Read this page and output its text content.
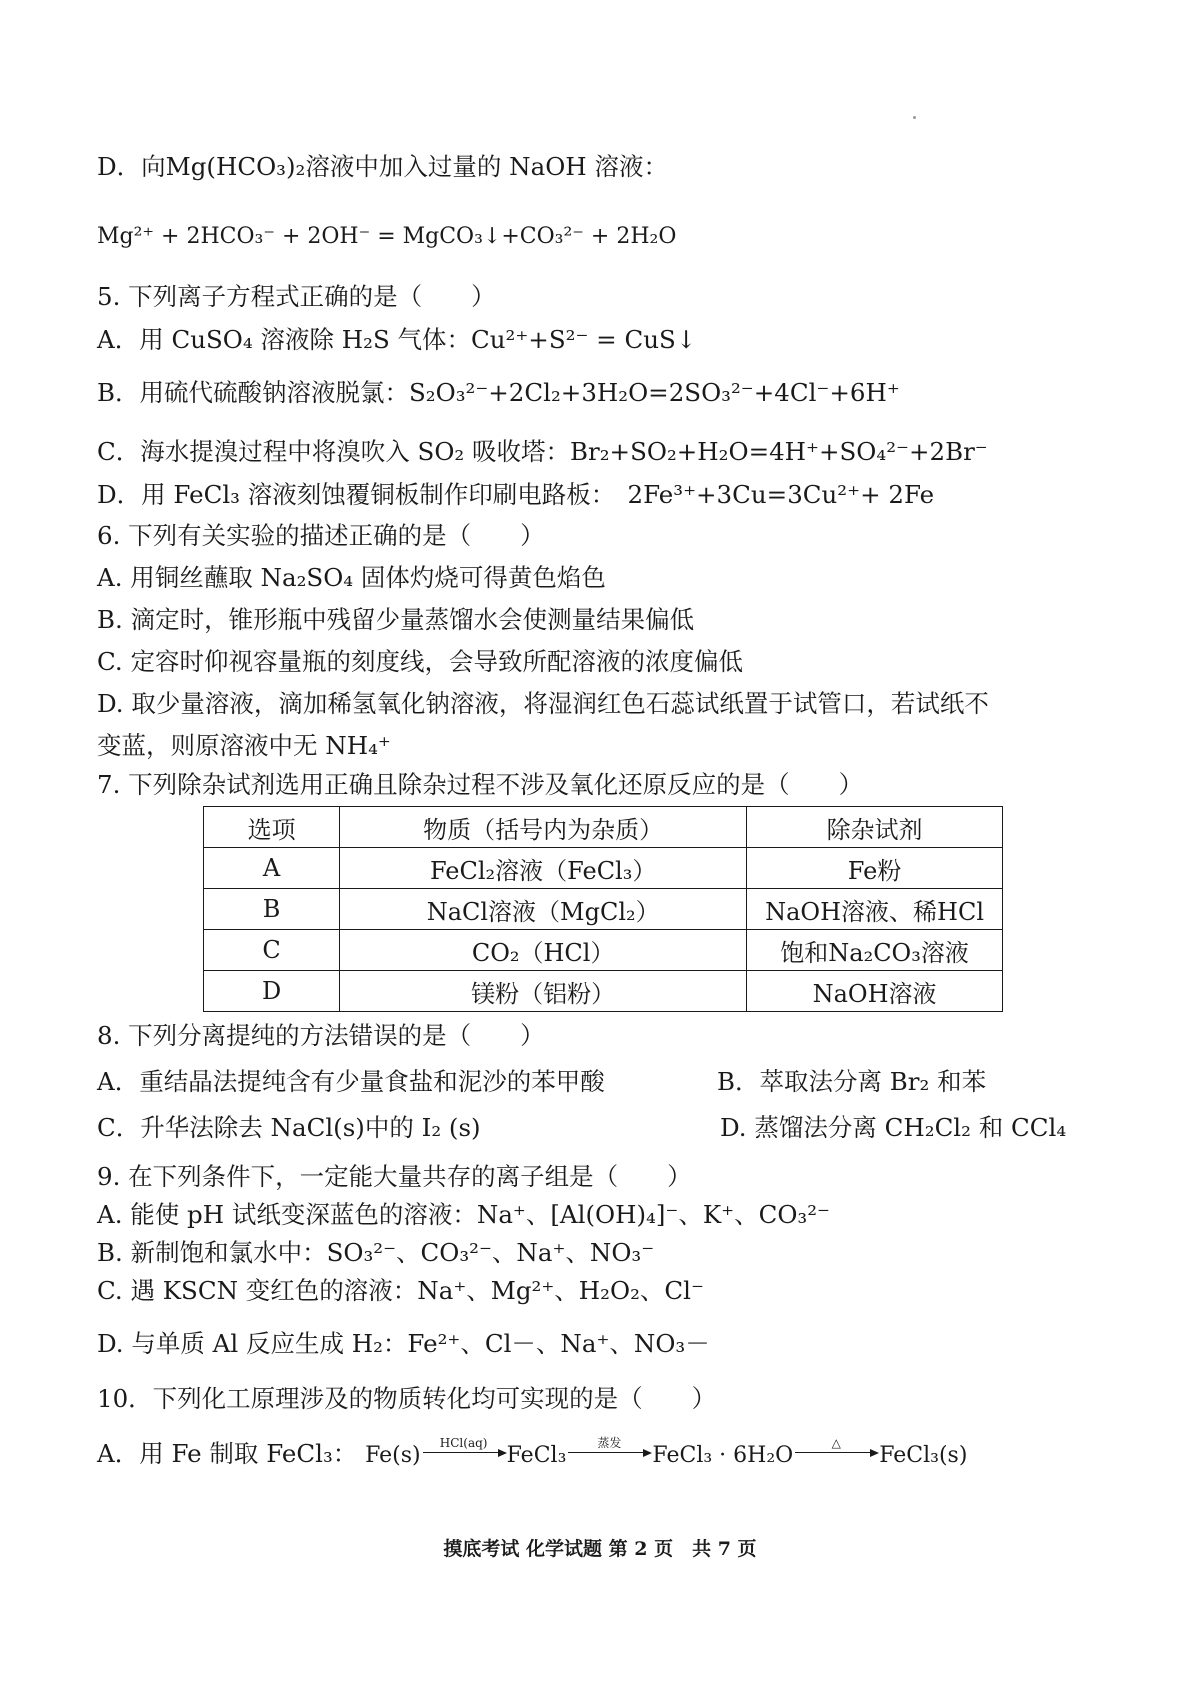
D．向Mg(HCO₃)₂溶液中加入过量的 NaOH 溶液：
Mg²⁺ + 2HCO₃⁻ + 2OH⁻ = MgCO₃↓+CO₃²⁻ + 2H₂O
5. 下列离子方程式正确的是（　　）
A．用 CuSO₄ 溶液除 H₂S 气体：Cu²⁺+S²⁻ = CuS↓
B．用硫代硫酸钠溶液脱氯：S₂O₃²⁻+2Cl₂+3H₂O=2SO₃²⁻+4Cl⁻+6H⁺
C．海水提溴过程中将溴吹入 SO₂ 吸收塔：Br₂+SO₂+H₂O=4H⁺+SO₄²⁻+2Br⁻
D．用 FeCl₃ 溶液刻蚀覆铜板制作印刷电路板：　2Fe³⁺+3Cu=3Cu²⁺+ 2Fe
6. 下列有关实验的描述正确的是（　　）
A. 用铜丝蘸取 Na₂SO₄ 固体灼烧可得黄色焰色
B. 滴定时，锥形瓶中残留少量蒸馏水会使测量结果偏低
C. 定容时仰视容量瓶的刻度线，会导致所配溶液的浓度偏低
D. 取少量溶液，滴加稀氢氧化钠溶液，将湿润红色石蕊试纸置于试管口，若试纸不
变蓝，则原溶液中无 NH₄⁺
7. 下列除杂试剂选用正确且除杂过程不涉及氧化还原反应的是（　　）
选项	物质（括号内为杂质）	除杂试剂
A	FeCl₂溶液（FeCl₃）	Fe粉
B	NaCl溶液（MgCl₂）	NaOH溶液、稀HCl
C	CO₂（HCl）	饱和Na₂CO₃溶液
D	镁粉（铝粉）	NaOH溶液
8. 下列分离提纯的方法错误的是（　　）
A．重结晶法提纯含有少量食盐和泥沙的苯甲酸	B．萃取法分离 Br₂ 和苯
C．升华法除去 NaCl(s)中的 I₂ (s)	D. 蒸馏法分离 CH₂Cl₂ 和 CCl₄
9. 在下列条件下，一定能大量共存的离子组是（　　）
A. 能使 pH 试纸变深蓝色的溶液：Na⁺、[Al(OH)₄]⁻、K⁺、CO₃²⁻
B. 新制饱和氯水中：SO₃²⁻、CO₃²⁻、Na⁺、NO₃⁻
C. 遇 KSCN 变红色的溶液：Na⁺、Mg²⁺、H₂O₂、Cl⁻
D. 与单质 Al 反应生成 H₂：Fe²⁺、Cl－、Na⁺、NO₃－
10．下列化工原理涉及的物质转化均可实现的是（　　）
A．用 Fe 制取 FeCl₃： Fe(s)
HCl(aq)
FeCl₃
蒸发
FeCl₃ · 6H₂O
△
FeCl₃(s)
摸底考试 化学试题 第 2 页　共 7 页
